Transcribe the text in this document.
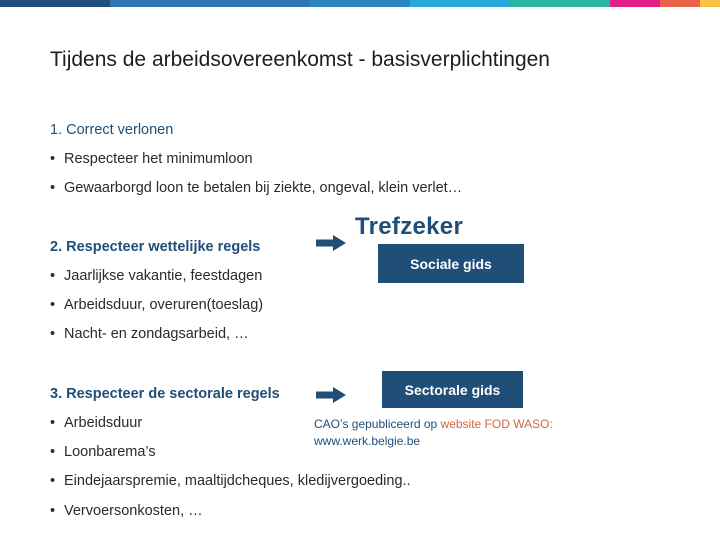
Tijdens de arbeidsovereenkomst - basisverplichtingen

1. Correct verlonen

• Respecteer het minimumloon

• Gewaarborgd loon te betalen bij ziekte, ongeval, klein verlet…

2. Respecteer wettelijke regels

• Jaarlijkse vakantie, feestdagen

• Arbeidsduur, overuren(toeslag)

• Nacht- en zondagsarbeid, …

3. Respecteer de sectorale regels

• Arbeidsduur

• Loonbarema’s

• Eindejaarspremie, maaltijdcheques, kledijvergoeding..

• Vervoersonkosten, …

Trefzeker
Sociale gids
Sectorale gids

CAO’s gepubliceerd op website FOD WASO:
www.werk.belgie.be
